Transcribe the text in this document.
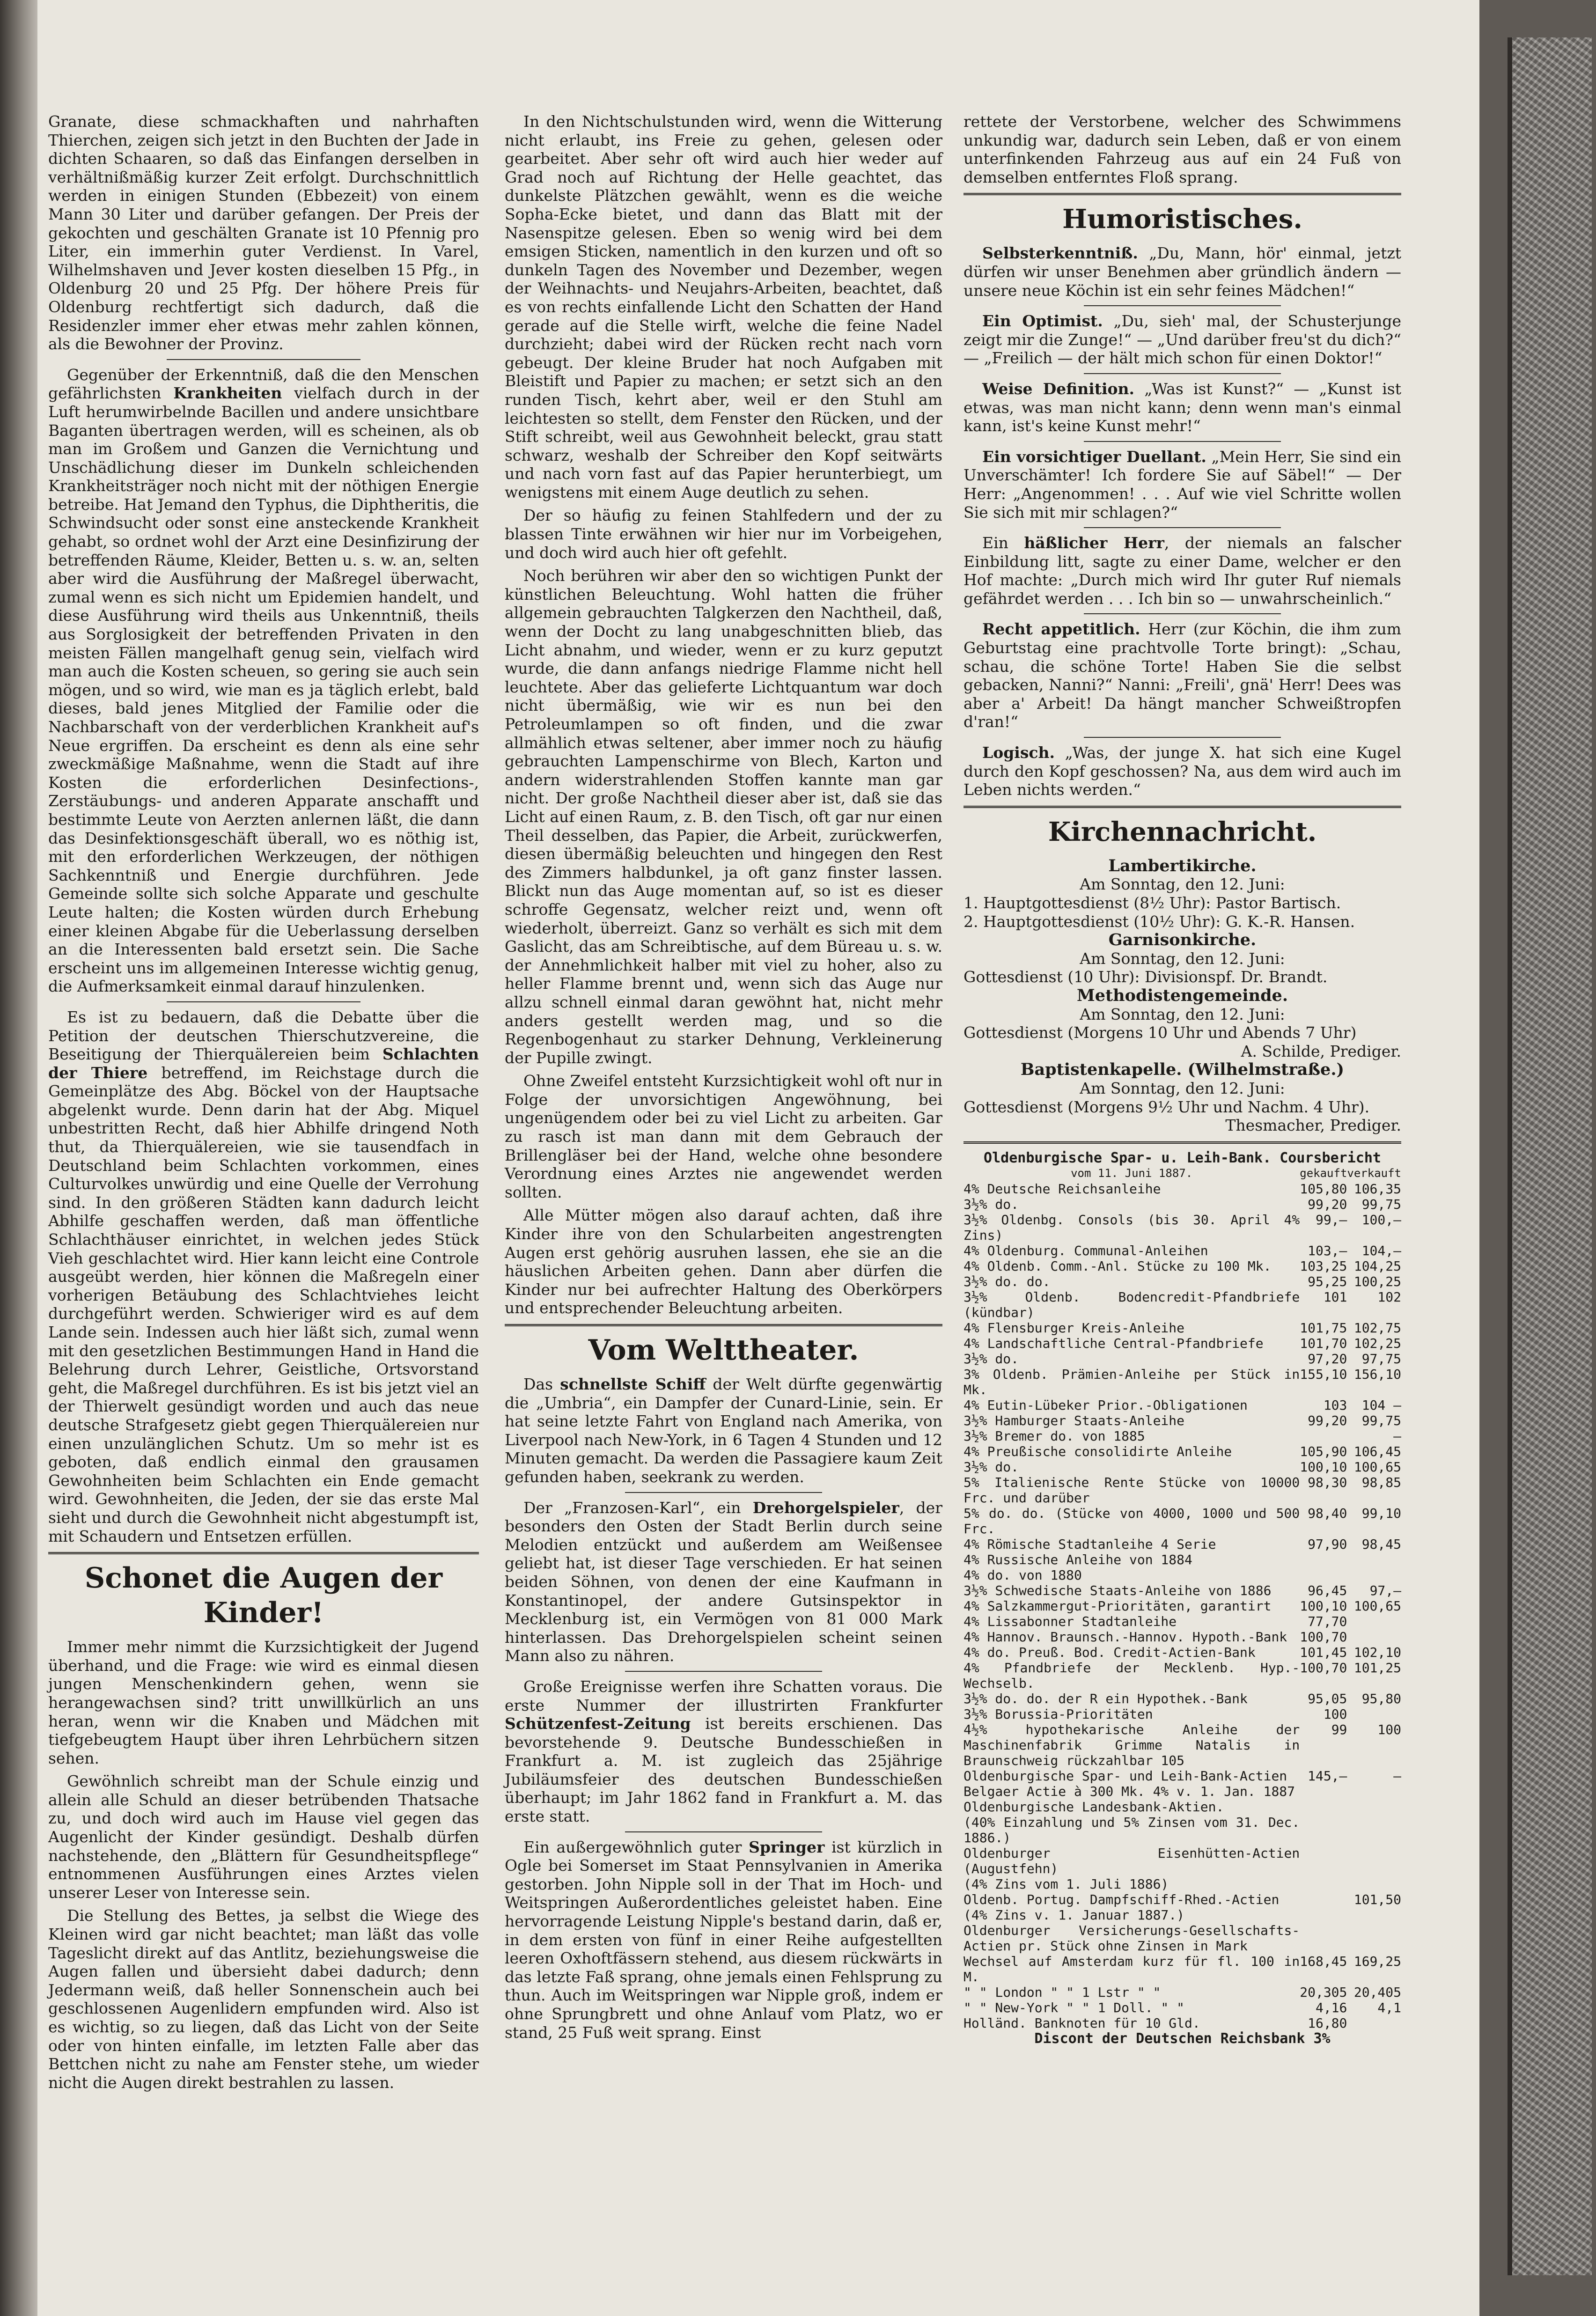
Granate, diese schmackhaften und nahrhaften Thierchen, zeigen sich jetzt in den Buchten der Jade in dichten Schaaren, so daß das Einfangen derselben in verhältnißmäßig kurzer Zeit erfolgt. Durchschnittlich werden in einigen Stunden (Ebbezeit) von einem Mann 30 Liter und darüber gefangen. Der Preis der gekochten und geschälten Granate ist 10 Pfennig pro Liter, ein immerhin guter Verdienst. In Varel, Wilhelmshaven und Jever kosten dieselben 15 Pfg., in Oldenburg 20 und 25 Pfg. Der höhere Preis für Oldenburg rechtfertigt sich dadurch, daß die Residenzler immer eher etwas mehr zahlen können, als die Bewohner der Provinz.

Gegenüber der Erkenntniß, daß die den Menschen gefährlichsten Krankheiten vielfach durch in der Luft herumwirbelnde Bacillen und andere unsichtbare Baganten übertragen werden, will es scheinen, als ob man im Großem und Ganzen die Vernichtung und Unschädlichung dieser im Dunkeln schleichenden Krankheitsträger noch nicht mit der nöthigen Energie betreibe. Hat Jemand den Typhus, die Diphtheritis, die Schwindsucht oder sonst eine ansteckende Krankheit gehabt, so ordnet wohl der Arzt eine Desinfizirung der betreffenden Räume, Kleider, Betten u. s. w. an, selten aber wird die Ausführung der Maßregel überwacht, zumal wenn es sich nicht um Epidemien handelt, und diese Ausführung wird theils aus Unkenntniß, theils aus Sorglosigkeit der betreffenden Privaten in den meisten Fällen mangelhaft genug sein, vielfach wird man auch die Kosten scheuen, so gering sie auch sein mögen, und so wird, wie man es ja täglich erlebt, bald dieses, bald jenes Mitglied der Familie oder die Nachbarschaft von der verderblichen Krankheit auf's Neue ergriffen. Da erscheint es denn als eine sehr zweckmäßige Maßnahme, wenn die Stadt auf ihre Kosten die erforderlichen Desinfections-, Zerstäubungs- und anderen Apparate anschafft und bestimmte Leute von Aerzten anlernen läßt, die dann das Desinfektionsgeschäft überall, wo es nöthig ist, mit den erforderlichen Werkzeugen, der nöthigen Sachkenntniß und Energie durchführen. Jede Gemeinde sollte sich solche Apparate und geschulte Leute halten; die Kosten würden durch Erhebung einer kleinen Abgabe für die Ueberlassung derselben an die Interessenten bald ersetzt sein. Die Sache erscheint uns im allgemeinen Interesse wichtig genug, die Aufmerksamkeit einmal darauf hinzulenken.

Es ist zu bedauern, daß die Debatte über die Petition der deutschen Thierschutzvereine, die Beseitigung der Thierquälereien beim Schlachten der Thiere betreffend, im Reichstage durch die Gemeinplätze des Abg. Böckel von der Hauptsache abgelenkt wurde. Denn darin hat der Abg. Miquel unbestritten Recht, daß hier Abhilfe dringend Noth thut, da Thierquälereien, wie sie tausendfach in Deutschland beim Schlachten vorkommen, eines Culturvolkes unwürdig und eine Quelle der Verrohung sind. In den größeren Städten kann dadurch leicht Abhilfe geschaffen werden, daß man öffentliche Schlachthäuser einrichtet, in welchen jedes Stück Vieh geschlachtet wird. Hier kann leicht eine Controle ausgeübt werden, hier können die Maßregeln einer vorherigen Betäubung des Schlachtviehes leicht durchgeführt werden. Schwieriger wird es auf dem Lande sein. Indessen auch hier läßt sich, zumal wenn mit den gesetzlichen Bestimmungen Hand in Hand die Belehrung durch Lehrer, Geistliche, Ortsvorstand geht, die Maßregel durchführen. Es ist bis jetzt viel an der Thierwelt gesündigt worden und auch das neue deutsche Strafgesetz giebt gegen Thierquälereien nur einen unzulänglichen Schutz. Um so mehr ist es geboten, daß endlich einmal den grausamen Gewohnheiten beim Schlachten ein Ende gemacht wird. Gewohnheiten, die Jeden, der sie das erste Mal sieht und durch die Gewohnheit nicht abgestumpft ist, mit Schaudern und Entsetzen erfüllen.

Schonet die Augen der Kinder!

Immer mehr nimmt die Kurzsichtigkeit der Jugend überhand, und die Frage: wie wird es einmal diesen jungen Menschenkindern gehen, wenn sie herangewachsen sind? tritt unwillkürlich an uns heran, wenn wir die Knaben und Mädchen mit tiefgebeugtem Haupt über ihren Lehrbüchern sitzen sehen.

Gewöhnlich schreibt man der Schule einzig und allein alle Schuld an dieser betrübenden Thatsache zu, und doch wird auch im Hause viel gegen das Augenlicht der Kinder gesündigt. Deshalb dürfen nachstehende, den „Blättern für Gesundheitspflege“ entnommenen Ausführungen eines Arztes vielen unserer Leser von Interesse sein.

Die Stellung des Bettes, ja selbst die Wiege des Kleinen wird gar nicht beachtet; man läßt das volle Tageslicht direkt auf das Antlitz, beziehungsweise die Augen fallen und übersieht dabei dadurch; denn Jedermann weiß, daß heller Sonnenschein auch bei geschlossenen Augenlidern empfunden wird. Also ist es wichtig, so zu liegen, daß das Licht von der Seite oder von hinten einfalle, im letzten Falle aber das Bettchen nicht zu nahe am Fenster stehe, um wieder nicht die Augen direkt bestrahlen zu lassen.

In den Nichtschulstunden wird, wenn die Witterung nicht erlaubt, ins Freie zu gehen, gelesen oder gearbeitet. Aber sehr oft wird auch hier weder auf Grad noch auf Richtung der Helle geachtet, das dunkelste Plätzchen gewählt, wenn es die weiche Sopha-Ecke bietet, und dann das Blatt mit der Nasenspitze gelesen. Eben so wenig wird bei dem emsigen Sticken, namentlich in den kurzen und oft so dunkeln Tagen des November und Dezember, wegen der Weihnachts- und Neujahrs-Arbeiten, beachtet, daß es von rechts einfallende Licht den Schatten der Hand gerade auf die Stelle wirft, welche die feine Nadel durchzieht; dabei wird der Rücken recht nach vorn gebeugt. Der kleine Bruder hat noch Aufgaben mit Bleistift und Papier zu machen; er setzt sich an den runden Tisch, kehrt aber, weil er den Stuhl am leichtesten so stellt, dem Fenster den Rücken, und der Stift schreibt, weil aus Gewohnheit beleckt, grau statt schwarz, weshalb der Schreiber den Kopf seitwärts und nach vorn fast auf das Papier herunterbiegt, um wenigstens mit einem Auge deutlich zu sehen.

Der so häufig zu feinen Stahlfedern und der zu blassen Tinte erwähnen wir hier nur im Vorbeigehen, und doch wird auch hier oft gefehlt.

Noch berühren wir aber den so wichtigen Punkt der künstlichen Beleuchtung. Wohl hatten die früher allgemein gebrauchten Talgkerzen den Nachtheil, daß, wenn der Docht zu lang unabgeschnitten blieb, das Licht abnahm, und wieder, wenn er zu kurz geputzt wurde, die dann anfangs niedrige Flamme nicht hell leuchtete. Aber das gelieferte Lichtquantum war doch nicht übermäßig, wie wir es nun bei den Petroleumlampen so oft finden, und die zwar allmählich etwas seltener, aber immer noch zu häufig gebrauchten Lampenschirme von Blech, Karton und andern widerstrahlenden Stoffen kannte man gar nicht. Der große Nachtheil dieser aber ist, daß sie das Licht auf einen Raum, z. B. den Tisch, oft gar nur einen Theil desselben, das Papier, die Arbeit, zurückwerfen, diesen übermäßig beleuchten und hingegen den Rest des Zimmers halbdunkel, ja oft ganz finster lassen. Blickt nun das Auge momentan auf, so ist es dieser schroffe Gegensatz, welcher reizt und, wenn oft wiederholt, überreizt. Ganz so verhält es sich mit dem Gaslicht, das am Schreibtische, auf dem Büreau u. s. w. der Annehmlichkeit halber mit viel zu hoher, also zu heller Flamme brennt und, wenn sich das Auge nur allzu schnell einmal daran gewöhnt hat, nicht mehr anders gestellt werden mag, und so die Regenbogenhaut zu starker Dehnung, Verkleinerung der Pupille zwingt.

Ohne Zweifel entsteht Kurzsichtigkeit wohl oft nur in Folge der unvorsichtigen Angewöhnung, bei ungenügendem oder bei zu viel Licht zu arbeiten. Gar zu rasch ist man dann mit dem Gebrauch der Brillengläser bei der Hand, welche ohne besondere Verordnung eines Arztes nie angewendet werden sollten.

Alle Mütter mögen also darauf achten, daß ihre Kinder ihre von den Schularbeiten angestrengten Augen erst gehörig ausruhen lassen, ehe sie an die häuslichen Arbeiten gehen. Dann aber dürfen die Kinder nur bei aufrechter Haltung des Oberkörpers und entsprechender Beleuchtung arbeiten.

Vom Welttheater.

Das schnellste Schiff der Welt dürfte gegenwärtig die „Umbria“, ein Dampfer der Cunard-Linie, sein. Er hat seine letzte Fahrt von England nach Amerika, von Liverpool nach New-York, in 6 Tagen 4 Stunden und 12 Minuten gemacht. Da werden die Passagiere kaum Zeit gefunden haben, seekrank zu werden.

Der „Franzosen-Karl“, ein Drehorgelspieler, der besonders den Osten der Stadt Berlin durch seine Melodien entzückt und außerdem am Weißensee geliebt hat, ist dieser Tage verschieden. Er hat seinen beiden Söhnen, von denen der eine Kaufmann in Konstantinopel, der andere Gutsinspektor in Mecklenburg ist, ein Vermögen von 81 000 Mark hinterlassen. Das Drehorgelspielen scheint seinen Mann also zu nähren.

Große Ereignisse werfen ihre Schatten voraus. Die erste Nummer der illustrirten Frankfurter Schützenfest-Zeitung ist bereits erschienen. Das bevorstehende 9. Deutsche Bundesschießen in Frankfurt a. M. ist zugleich das 25jährige Jubiläumsfeier des deutschen Bundesschießen überhaupt; im Jahr 1862 fand in Frankfurt a. M. das erste statt.

Ein außergewöhnlich guter Springer ist kürzlich in Ogle bei Somerset im Staat Pennsylvanien in Amerika gestorben. John Nipple soll in der That im Hoch- und Weitspringen Außerordentliches geleistet haben. Eine hervorragende Leistung Nipple's bestand darin, daß er, in dem ersten von fünf in einer Reihe aufgestellten leeren Oxhoftfässern stehend, aus diesem rückwärts in das letzte Faß sprang, ohne jemals einen Fehlsprung zu thun. Auch im Weitspringen war Nipple groß, indem er ohne Sprungbrett und ohne Anlauf vom Platz, wo er stand, 25 Fuß weit sprang. Einst

rettete der Verstorbene, welcher des Schwimmens unkundig war, dadurch sein Leben, daß er von einem unterfinkenden Fahrzeug aus auf ein 24 Fuß von demselben entferntes Floß sprang.

Humoristisches.

Selbsterkenntniß. „Du, Mann, hör' einmal, jetzt dürfen wir unser Benehmen aber gründlich ändern — unsere neue Köchin ist ein sehr feines Mädchen!“

Ein Optimist. „Du, sieh' mal, der Schusterjunge zeigt mir die Zunge!“ — „Und darüber freu'st du dich?“ — „Freilich — der hält mich schon für einen Doktor!“

Weise Definition. „Was ist Kunst?“ — „Kunst ist etwas, was man nicht kann; denn wenn man's einmal kann, ist's keine Kunst mehr!“

Ein vorsichtiger Duellant. „Mein Herr, Sie sind ein Unverschämter! Ich fordere Sie auf Säbel!“ — Der Herr: „Angenommen! . . . Auf wie viel Schritte wollen Sie sich mit mir schlagen?“

Ein häßlicher Herr, der niemals an falscher Einbildung litt, sagte zu einer Dame, welcher er den Hof machte: „Durch mich wird Ihr guter Ruf niemals gefährdet werden . . . Ich bin so — unwahrscheinlich.“

Recht appetitlich. Herr (zur Köchin, die ihm zum Geburtstag eine prachtvolle Torte bringt): „Schau, schau, die schöne Torte! Haben Sie die selbst gebacken, Nanni?“ Nanni: „Freili', gnä' Herr! Dees was aber a' Arbeit! Da hängt mancher Schweißtropfen d'ran!“

Logisch. „Was, der junge X. hat sich eine Kugel durch den Kopf geschossen? Na, aus dem wird auch im Leben nichts werden.“

Kirchennachricht.

Lambertikirche.

Am Sonntag, den 12. Juni:

1. Hauptgottesdienst (8½ Uhr): Pastor Bartisch.

2. Hauptgottesdienst (10½ Uhr): G. K.-R. Hansen.

Garnisonkirche.

Am Sonntag, den 12. Juni:

Gottesdienst (10 Uhr): Divisionspf. Dr. Brandt.

Methodistengemeinde.

Am Sonntag, den 12. Juni:

Gottesdienst (Morgens 10 Uhr und Abends 7 Uhr)

A. Schilde, Prediger.

Baptistenkapelle. (Wilhelmstraße.)

Am Sonntag, den 12. Juni:

Gottesdienst (Morgens 9½ Uhr und Nachm. 4 Uhr).

Thesmacher, Prediger.

Oldenburgische Spar- u. Leih-Bank. Coursbericht
vom 11. Juni 1887.	gekauft	verkauft
4% Deutsche Reichsanleihe	105,80	106,35
3½% do.	99,20	99,75
3½% Oldenbg. Consols (bis 30. April 4% Zins)	99,—	100,—
4% Oldenburg. Communal-Anleihen	103,—	104,—
4% Oldenb. Comm.-Anl. Stücke zu 100 Mk.	103,25	104,25
3½% do. do.	95,25	100,25
3½% Oldenb. Bodencredit-Pfandbriefe (kündbar)	101	102
4% Flensburger Kreis-Anleihe	101,75	102,75
4% Landschaftliche Central-Pfandbriefe	101,70	102,25
3½% do.	97,20	97,75
3% Oldenb. Prämien-Anleihe per Stück in Mk.	155,10	156,10
4% Eutin-Lübeker Prior.-Obligationen	103	104 —
3½% Hamburger Staats-Anleihe	99,20	99,75
3½% Bremer do. von 1885		—
4% Preußische consolidirte Anleihe	105,90	106,45
3½% do.	100,10	100,65
5% Italienische Rente Stücke von 10000 Frc. und darüber	98,30	98,85
5% do. do. (Stücke von 4000, 1000 und 500 Frc.	98,40	99,10
4% Römische Stadtanleihe 4 Serie	97,90	98,45
4% Russische Anleihe von 1884		
4% do. von 1880		
3½% Schwedische Staats-Anleihe von 1886	96,45	97,—
4% Salzkammergut-Prioritäten, garantirt	100,10	100,65
4% Lissabonner Stadtanleihe	77,70	
4% Hannov. Braunsch.-Hannov. Hypoth.-Bank	100,70	
4% do. Preuß. Bod. Credit-Actien-Bank	101,45	102,10
4% Pfandbriefe der Mecklenb. Hyp.-Wechselb.	100,70	101,25
3½% do. do. der R ein Hypothek.-Bank	95,05	95,80
3½% Borussia-Prioritäten	100	
4½% hypothekarische Anleihe der Maschinenfabrik Grimme Natalis in Braunschweig rückzahlbar 105	99	100
Oldenburgische Spar- und Leih-Bank-Actien	145,—	—
Belgaer Actie à 300 Mk. 4% v. 1. Jan. 1887		
Oldenburgische Landesbank-Aktien.		
(40% Einzahlung und 5% Zinsen vom 31. Dec. 1886.)		
Oldenburger Eisenhütten-Actien (Augustfehn)		
(4% Zins vom 1. Juli 1886)		
Oldenb. Portug. Dampfschiff-Rhed.-Actien		101,50
(4% Zins v. 1. Januar 1887.)		
Oldenburger Versicherungs-Gesellschafts-Actien pr. Stück ohne Zinsen in Mark		
Wechsel auf Amsterdam kurz für fl. 100 in M.	168,45	169,25
" " London " " 1 Lstr " "	20,305	20,405
" " New-York " " 1 Doll. " "	4,16	4,1
Holländ. Banknoten für 10 Gld.	16,80	
Discont der Deutschen Reichsbank 3%
